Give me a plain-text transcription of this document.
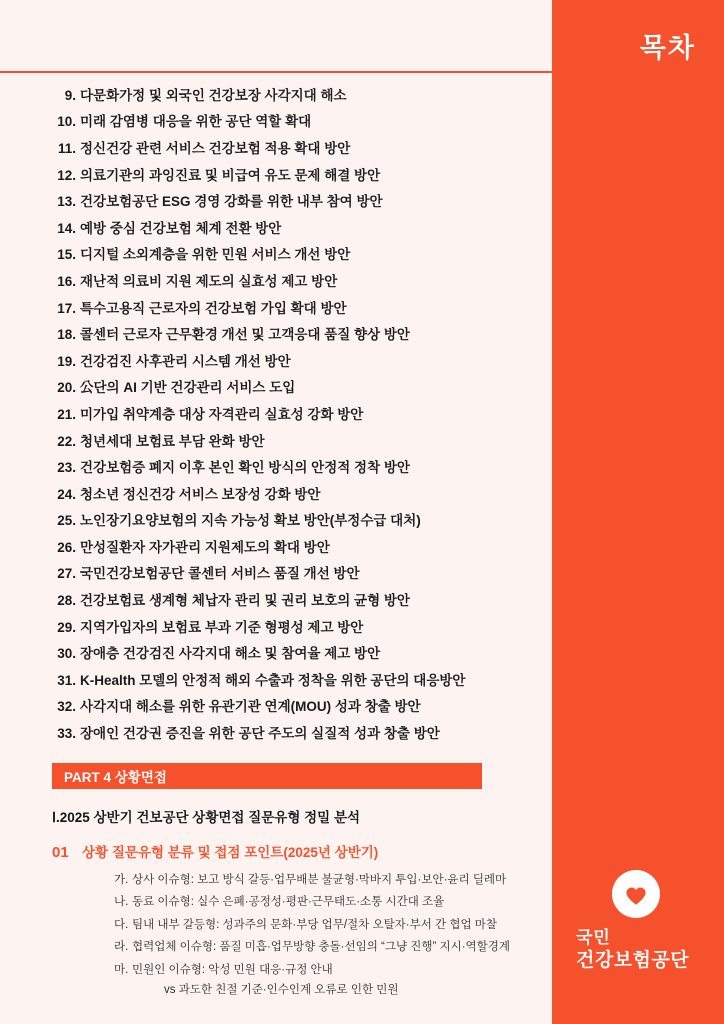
목차
9. 다문화가정 및 외국인 건강보장 사각지대 해소
10. 미래 감염병 대응을 위한 공단 역할 확대
11. 정신건강 관련 서비스 건강보험 적용 확대 방안
12. 의료기관의 과잉진료 및 비급여 유도 문제 해결 방안
13. 건강보험공단 ESG 경영 강화를 위한 내부 참여 방안
14. 예방 중심 건강보험 체계 전환 방안
15. 디지털 소외계층을 위한 민원 서비스 개선 방안
16. 재난적 의료비 지원 제도의 실효성 제고 방안
17. 특수고용직 근로자의 건강보험 가입 확대 방안
18. 콜센터 근로자 근무환경 개선 및 고객응대 품질 향상 방안
19. 건강검진 사후관리 시스템 개선 방안
20. 公단의 AI 기반 건강관리 서비스 도입
21. 미가입 취약계층 대상 자격관리 실효성 강화 방안
22. 청년세대 보험료 부담 완화 방안
23. 건강보험증 폐지 이후 본인 확인 방식의 안정적 정착 방안
24. 청소년 정신건강 서비스 보장성 강화 방안
25. 노인장기요양보험의 지속 가능성 확보 방안(부정수급 대처)
26. 만성질환자 자가관리 지원제도의 확대 방안
27. 국민건강보험공단 콜센터 서비스 품질 개선 방안
28. 건강보험료 생계형 체납자 관리 및 권리 보호의 균형 방안
29. 지역가입자의 보험료 부과 기준 형평성 제고 방안
30. 장애층 건강검진 사각지대 해소 및 참여율 제고 방안
31. K-Health 모델의 안정적 해외 수출과 정착을 위한 공단의 대응방안
32. 사각지대 해소를 위한 유관기관 연계(MOU) 성과 창출 방안
33. 장애인 건강권 증진을 위한 공단 주도의 실질적 성과 창출 방안
PART 4 상황면접
Ⅰ.2025 상반기 건보공단 상황면접 질문유형 정밀 분석
01 상황 질문유형 분류 및 접점 포인트(2025년 상반기)
가. 상사 이슈형: 보고 방식 갈등·업무배분 불균형·막바지 투입·보안·윤리 딜레마
나. 동료 이슈형: 실수 은폐·공정성·평판·근무태도·소통 시간대 조율
다. 팀내 내부 갈등형: 성과주의 문화·부당 업무/절차 오탈자·부서 간 협업 마찰
라. 협력업체 이슈형: 품질 미흡·업무방향 충돌·선임의 “그냥 진행” 지시·역할경계
마. 민원인 이슈형: 악성 민원 대응·규정 안내
vs 과도한 친절 기준·인수인계 오류로 인한 민원
국민
건강보험공단
